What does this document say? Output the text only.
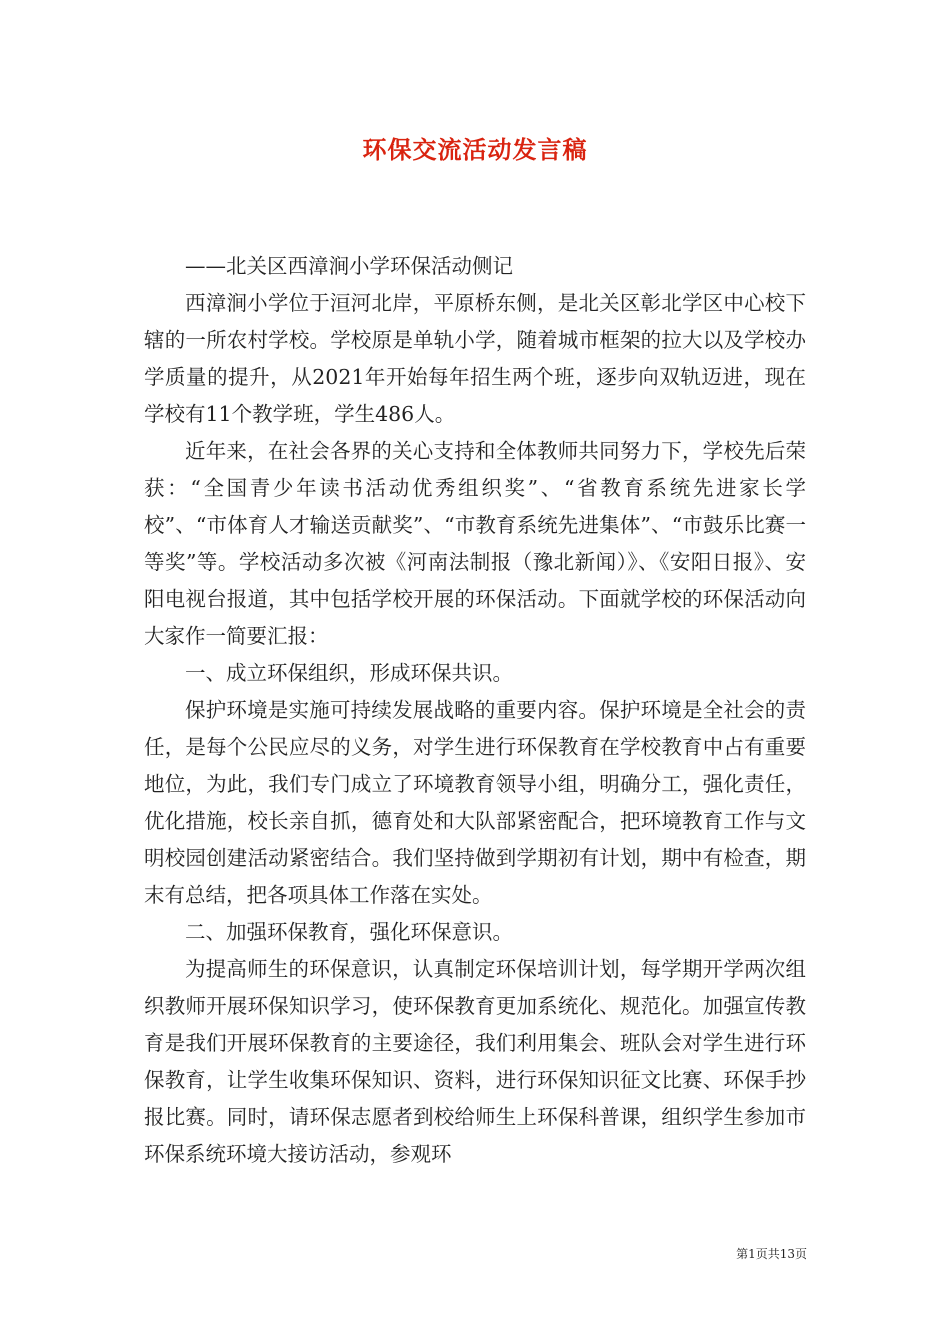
环保交流活动发言稿

——北关区西漳涧小学环保活动侧记

西漳涧小学位于洹河北岸，平原桥东侧，是北关区彰北学区中心校下辖的一所农村学校。学校原是单轨小学，随着城市框架的拉大以及学校办学质量的提升，从2021年开始每年招生两个班，逐步向双轨迈进，现在学校有11个教学班，学生486人。

近年来，在社会各界的关心支持和全体教师共同努力下，学校先后荣获：“全国青少年读书活动优秀组织奖”、“省教育系统先进家长学校”、“市体育人才输送贡献奖”、“市教育系统先进集体”、“市鼓乐比赛一等奖”等。学校活动多次被《河南法制报（豫北新闻）》、《安阳日报》、安阳电视台报道，其中包括学校开展的环保活动。下面就学校的环保活动向大家作一简要汇报：

一、成立环保组织，形成环保共识。

保护环境是实施可持续发展战略的重要内容。保护环境是全社会的责任，是每个公民应尽的义务，对学生进行环保教育在学校教育中占有重要地位，为此，我们专门成立了环境教育领导小组，明确分工，强化责任，优化措施，校长亲自抓，德育处和大队部紧密配合，把环境教育工作与文明校园创建活动紧密结合。我们坚持做到学期初有计划，期中有检查，期末有总结，把各项具体工作落在实处。

二、加强环保教育，强化环保意识。

为提高师生的环保意识，认真制定环保培训计划，每学期开学两次组织教师开展环保知识学习，使环保教育更加系统化、规范化。加强宣传教育是我们开展环保教育的主要途径，我们利用集会、班队会对学生进行环保教育，让学生收集环保知识、资料，进行环保知识征文比赛、环保手抄报比赛。同时，请环保志愿者到校给师生上环保科普课，组织学生参加市环保系统环境大接访活动，参观环

第1页共13页
